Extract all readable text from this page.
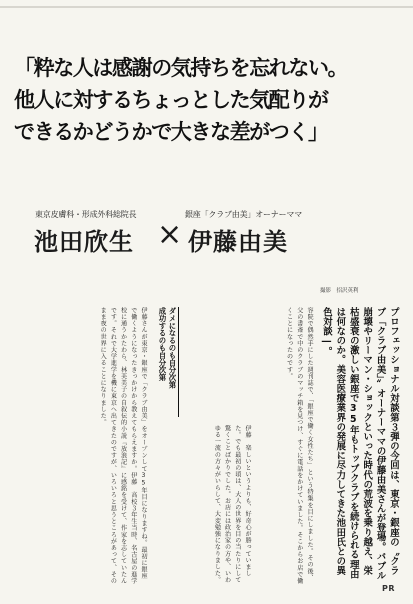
「粋な人は感謝の気持ちを忘れない。
他人に対するちょっとした気配りが
できるかどうかで大きな差がつく」
東京皮膚科・形成外科総院長
池田欣生 ×
銀座「クラブ由美」オーナーママ
伊藤由美
撮影　招沢英利
プロフェッショナル対談第３弾の今回は、東京・銀座の〝クラブ「クラブ由美」〟オーナーママの伊藤由美さんが登場。バブル崩壊やリーマン・ショックといった時代の荒波を乗り越え、栄枯盛衰の激しい銀座で35年もトップクラブを続けられる理由は何なのか。美容医療業界の発展に尽力してきた池田氏との異色対談―。
容院で偶然手にした週刊誌で、「銀座で働く女性たち」という特集を目にしました。その後、父の書斎で中のクラブのマッチ箱を見つけ、すぐに電話をかけていました。そこからお店で働くことになったのです。
ダメになるのも自分次第
成功するのも自分次第
伊藤　楽しいというよりも、好奇心が勝っていました。でも最初の頃は、大人の世界を目の当たりにして驚くことばかりでした。お店には政治家の方や、いわゆる一流の方々がいらして、大変勉強になりました。
伊藤さんが東京・銀座で「クラブ由美」をオープンして35年目になりますね。最初に銀座で働くようになったきっかけから教えてもらえますか。伊藤　高校３年生当時、名古屋の進学校に通うかたわら、林芙美子の自叙伝的小説『放浪記』に感銘を受けて、作家を志していたんです。それで大学進学を機に東京へ出てきたのですが、いろいろと思うところがあって、そのまま夜の世界に入ることになりました。
PR
